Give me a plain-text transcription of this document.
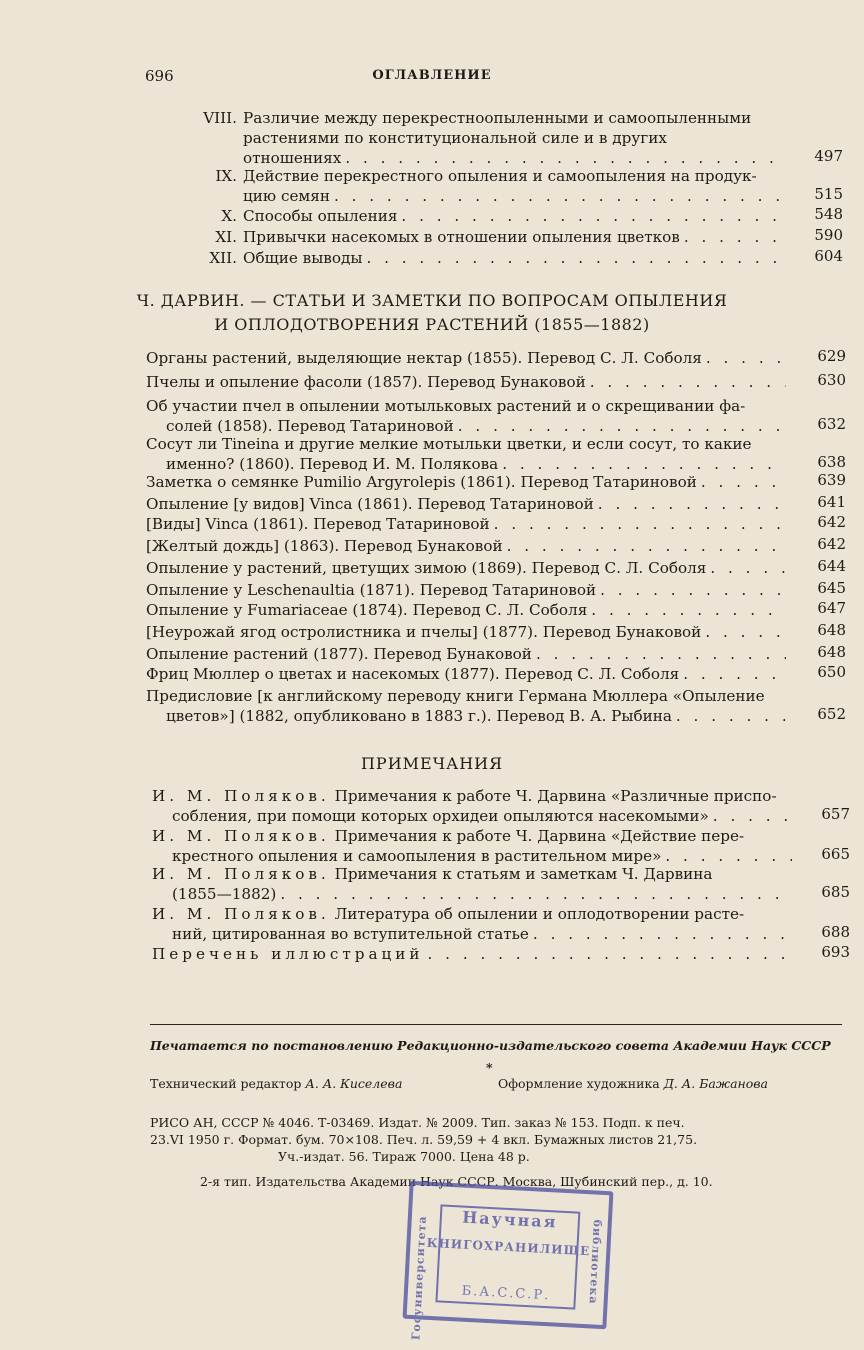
696	ОГЛАВЛЕНИЕ
VIII. Различие между перекрестноопыленными и самоопыленными
растениями по конституциональной силе и в других
отношениях . . .	497
IX. Действие перекрестного опыления и самоопыления на продук-
цию семян . . .	515
X. Способы опыления . . .	548
XI. Привычки насекомых в отношении опыления цветков . . .	590
XII. Общие выводы . . .	604
Ч. ДАРВИН. — СТАТЬИ И ЗАМЕТКИ ПО ВОПРОСАМ ОПЫЛЕНИЯ
И ОПЛОДОТВОРЕНИЯ РАСТЕНИЙ (1855—1882)
Органы растений, выделяющие нектар (1855). Перевод С. Л. Соболя . . .	629
Пчелы и опыление фасоли (1857). Перевод Бунаковой . . .	630
Об участии пчел в опылении мотыльковых растений и о скрещивании фа-
солей (1858). Перевод Татариновой . . .	632
Сосут ли Tineina и другие мелкие мотыльки цветки, и если сосут, то какие
именно? (1860). Перевод И. М. Полякова . . .	638
Заметка о семянке Pumilio Argyrolepis (1861). Перевод Татариновой . . .	639
Опыление [у видов] Vinca (1861). Перевод Татариновой . . .	641
[Виды] Vinca (1861). Перевод Татариновой . . .	642
[Желтый дождь] (1863). Перевод Бунаковой . . .	642
Опыление у растений, цветущих зимою (1869). Перевод С. Л. Соболя . . .	644
Опыление у Leschenaultia (1871). Перевод Татариновой . . .	645
Опыление у Fumariaceae (1874). Перевод С. Л. Соболя . . .	647
[Неурожай ягод остролистника и пчелы] (1877). Перевод Бунаковой . . .	648
Опыление растений (1877). Перевод Бунаковой . . .	648
Фриц Мюллер о цветах и насекомых (1877). Перевод С. Л. Соболя . . .	650
Предисловие [к английскому переводу книги Германа Мюллера «Опыление
цветов»] (1882, опубликовано в 1883 г.). Перевод В. А. Рыбина . . .	652
ПРИМЕЧАНИЯ
И. М. Поляков. Примечания к работе Ч. Дарвина «Различные приспо-
собления, при помощи которых орхидеи опыляются насекомыми» . . .	657
И. М. Поляков. Примечания к работе Ч. Дарвина «Действие пере-
крестного опыления и самоопыления в растительном мире» . . .	665
И. М. Поляков. Примечания к статьям и заметкам Ч. Дарвина
(1855—1882) . . .	685
И. М. Поляков. Литература об опылении и оплодотворении расте-
ний, цитированная во вступительной статье . . .	688
Перечень иллюстраций . . .	693
Печатается по постановлению Редакционно-издательского совета Академии Наук СССР
*
Технический редактор А. А. Киселева	Оформление художника Д. А. Бажанова
РИСО АН, СССР № 4046. Т-03469. Издат. № 2009. Тип. заказ № 153. Подп. к печ.
23.VI 1950 г. Формат. бум. 70×108. Печ. л. 59,59 + 4 вкл. Бумажных листов 21,75.
Уч.-издат. 56. Тираж 7000. Цена 48 р.
2-я тип. Издательства Академии Наук СССР. Москва, Шубинский пер., д. 10.
Научная
КНИГОХРАНИЛИЩЕ
Б.А.С.С.Р.
Госуниверситета	библиотека
